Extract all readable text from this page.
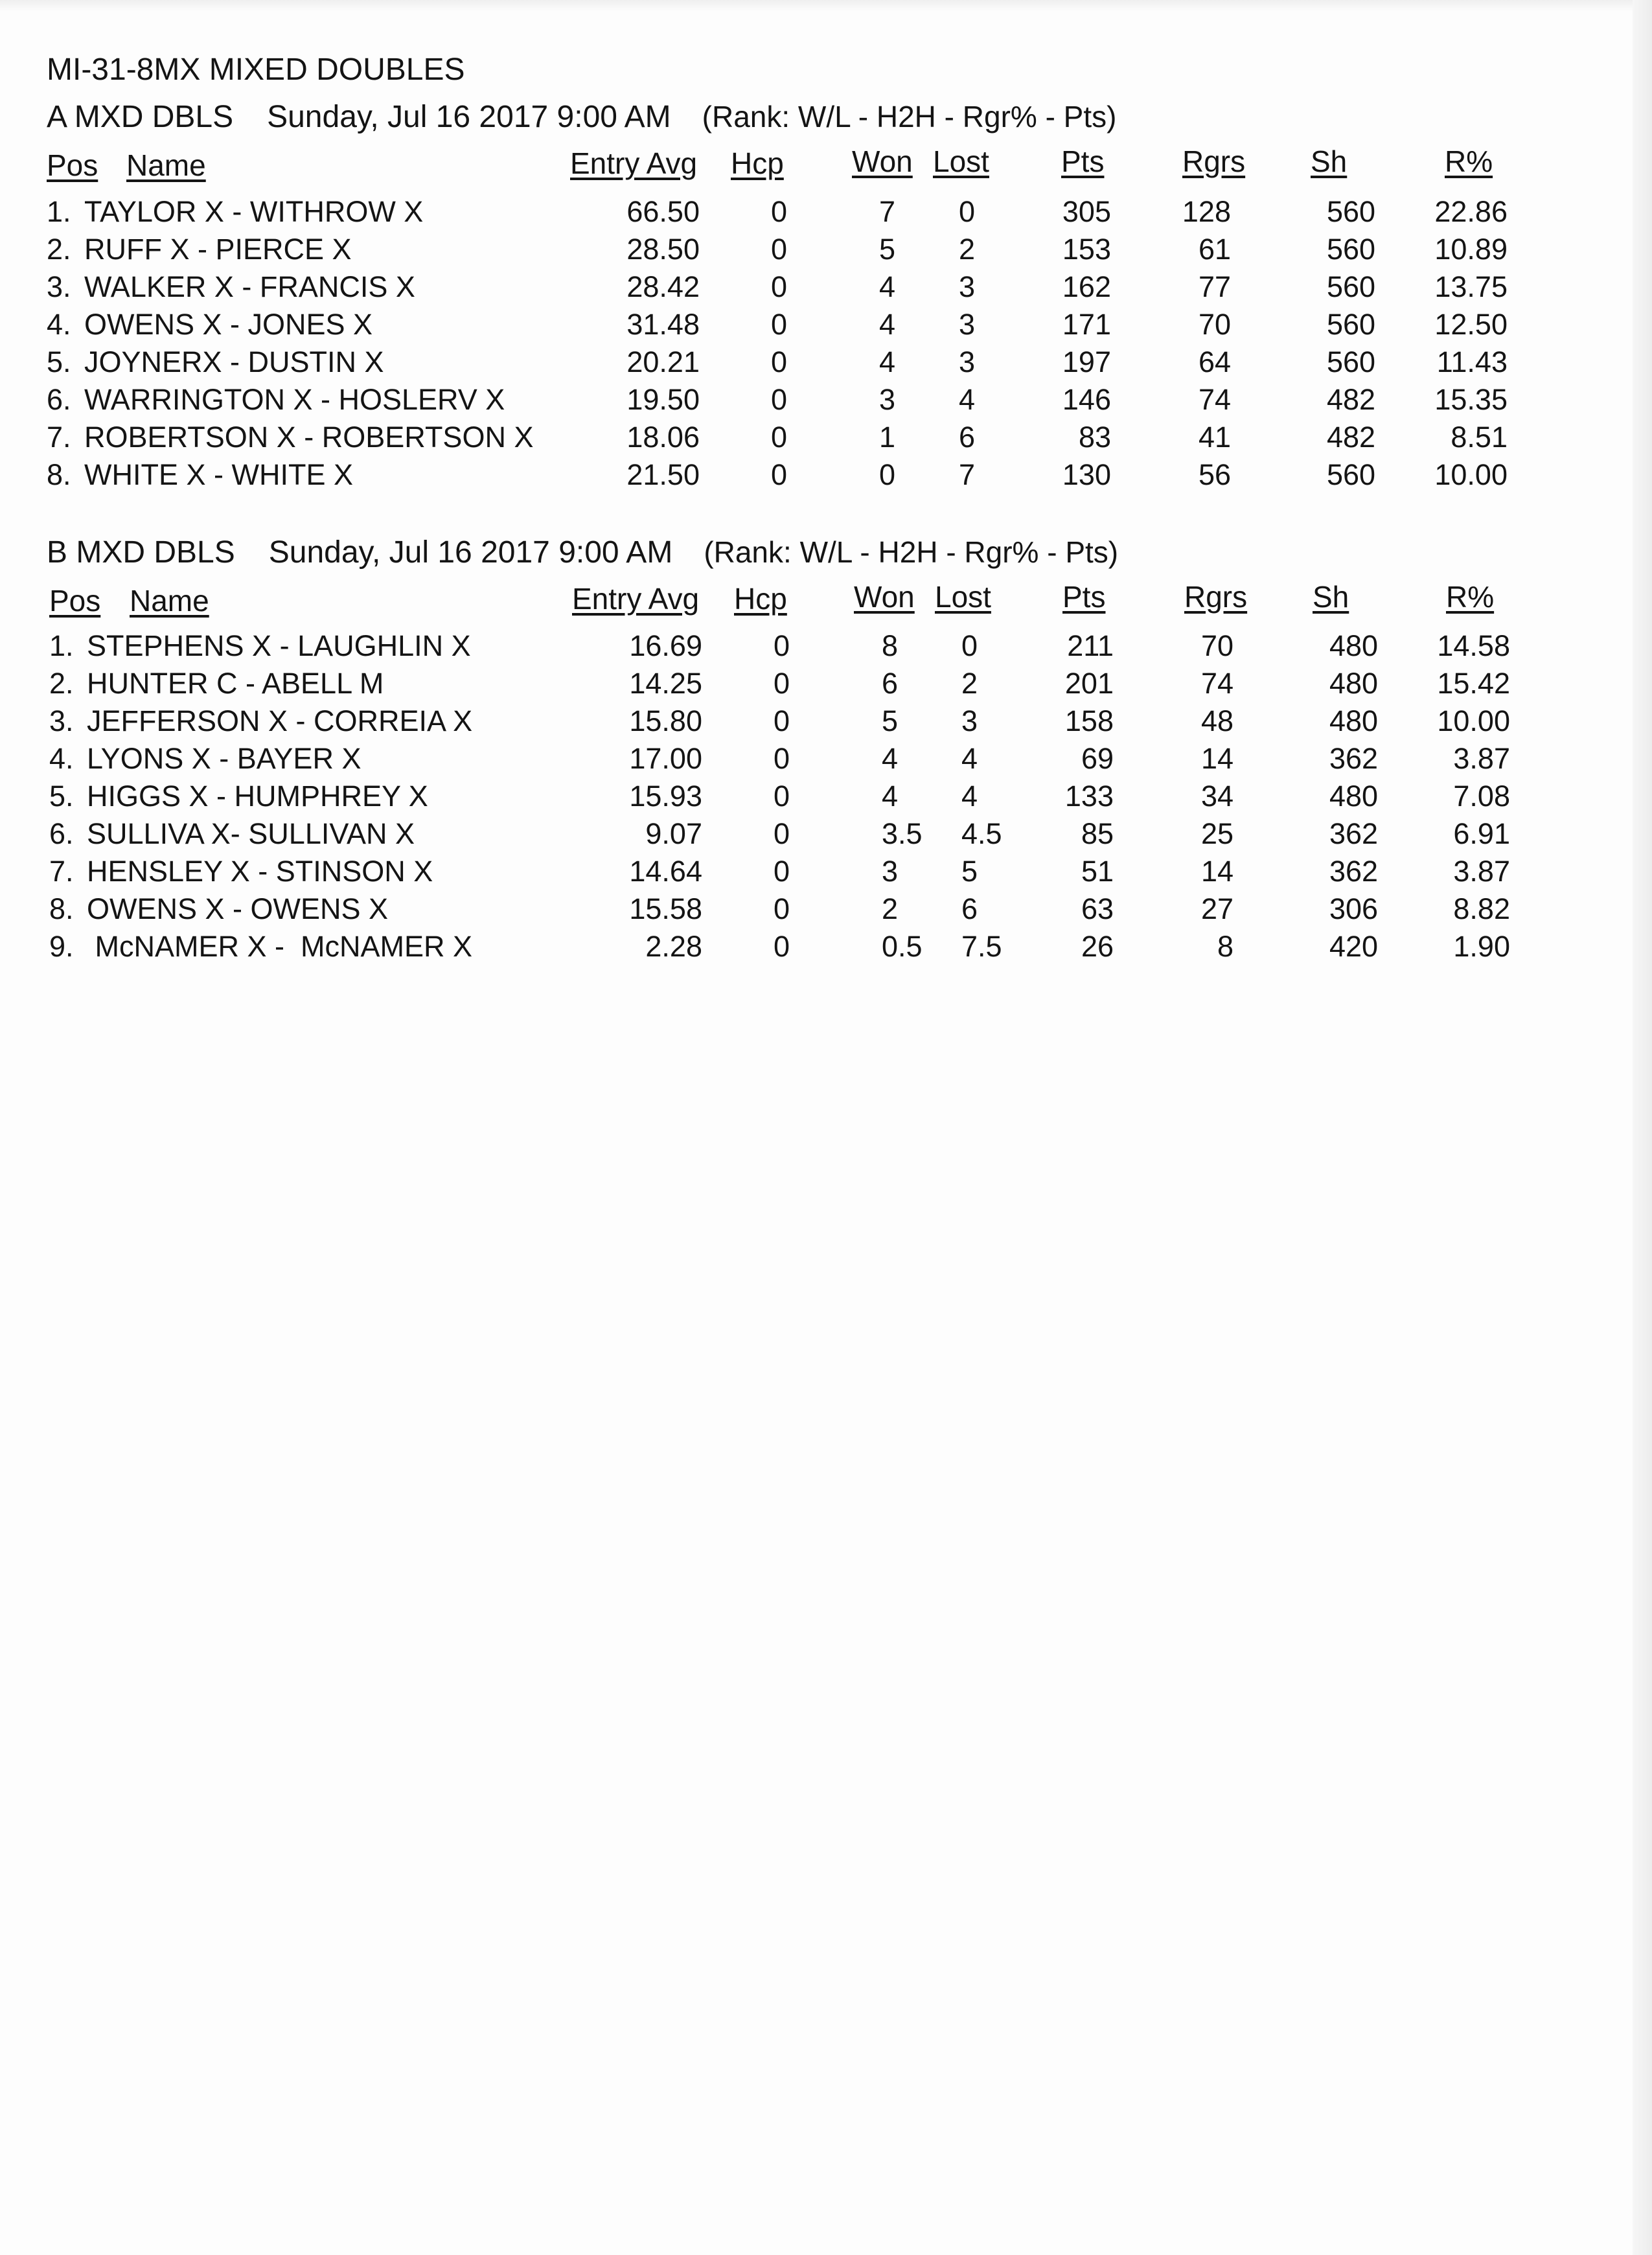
MI-31-8MX MIXED DOUBLES
A MXD DBLS Sunday, Jul 16 2017 9:00 AM (Rank: W/L - H2H - Rgr% - Pts)
Pos Name	Entry Avg Hcp Won Lost Pts	Rgrs Sh	R%
1. TAYLOR X - WITHROW X	66.50 0	7 0	305 128	560 22.86
2. RUFF X - PIERCE X	28.50 0	5 2	153	61	560 10.89
3. WALKER X - FRANCIS X	28.42 0	4 3	162	77	560 13.75
4. OWENS X - JONES X	31.48 0	4 3	171	70	560 12.50
5. JOYNERX - DUSTIN X	20.21 0	4 3	197	64	560 11.43
6. WARRINGTON X - HOSLERV X	19.50 0	3 4	146	74	482 15.35
7. ROBERTSON X - ROBERTSON X	18.06 0	1 6	83	41	482	8.51
8. WHITE X - WHITE X	21.50 0	0 7	130	56	560 10.00
B MXD DBLS Sunday, Jul 16 2017 9:00 AM (Rank: W/L - H2H - Rgr% - Pts)
Pos Name	Entry Avg Hcp Won Lost Pts	Rgrs Sh	R%
1. STEPHENS X - LAUGHLIN X	16.69 0	8 0	211	70	480 14.58
2. HUNTER C - ABELL M	14.25 0	6 2	201	74	480 15.42
3. JEFFERSON X - CORREIA X	15.80 0	5 3	158	48	480 10.00
4. LYONS X - BAYER X	17.00 0	4 4	69	14	362	3.87
5. HIGGS X - HUMPHREY X	15.93 0	4 4	133	34	480	7.08
6. SULLIVA X- SULLIVAN X	9.07 0	3.5 4.5	85	25	362	6.91
7. HENSLEY X - STINSON X	14.64 0	3 5	51	14	362	3.87
8. OWENS X - OWENS X	15.58 0	2 6	63	27	306	8.82
9. McNAMER X -  McNAMER X	2.28 0	0.5 7.5	26	8	420	1.90
